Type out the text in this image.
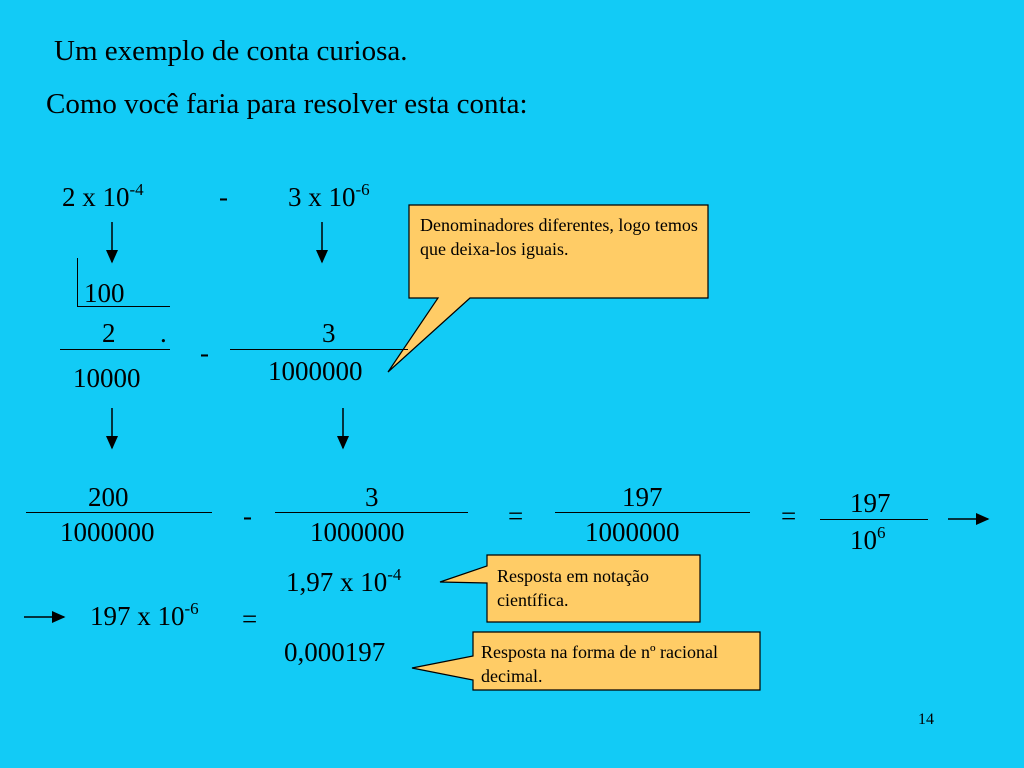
Um exemplo de conta curiosa.
Como você faria para resolver esta conta:
2 x $10^{-4}$	- 3 x $10^{-6}$
100
2 .
10000
-
3
1000000
Denominadores diferentes, logo temos que deixa-los iguais.
Resposta em notação científica.
Resposta na forma de nº racional decimal.
200
1000000
-
3
1000000
=
197
1000000
= 197
$10^6$
197 x $10^{-6}$ =
1,97 x $10^{-4}$
0,000197
14
